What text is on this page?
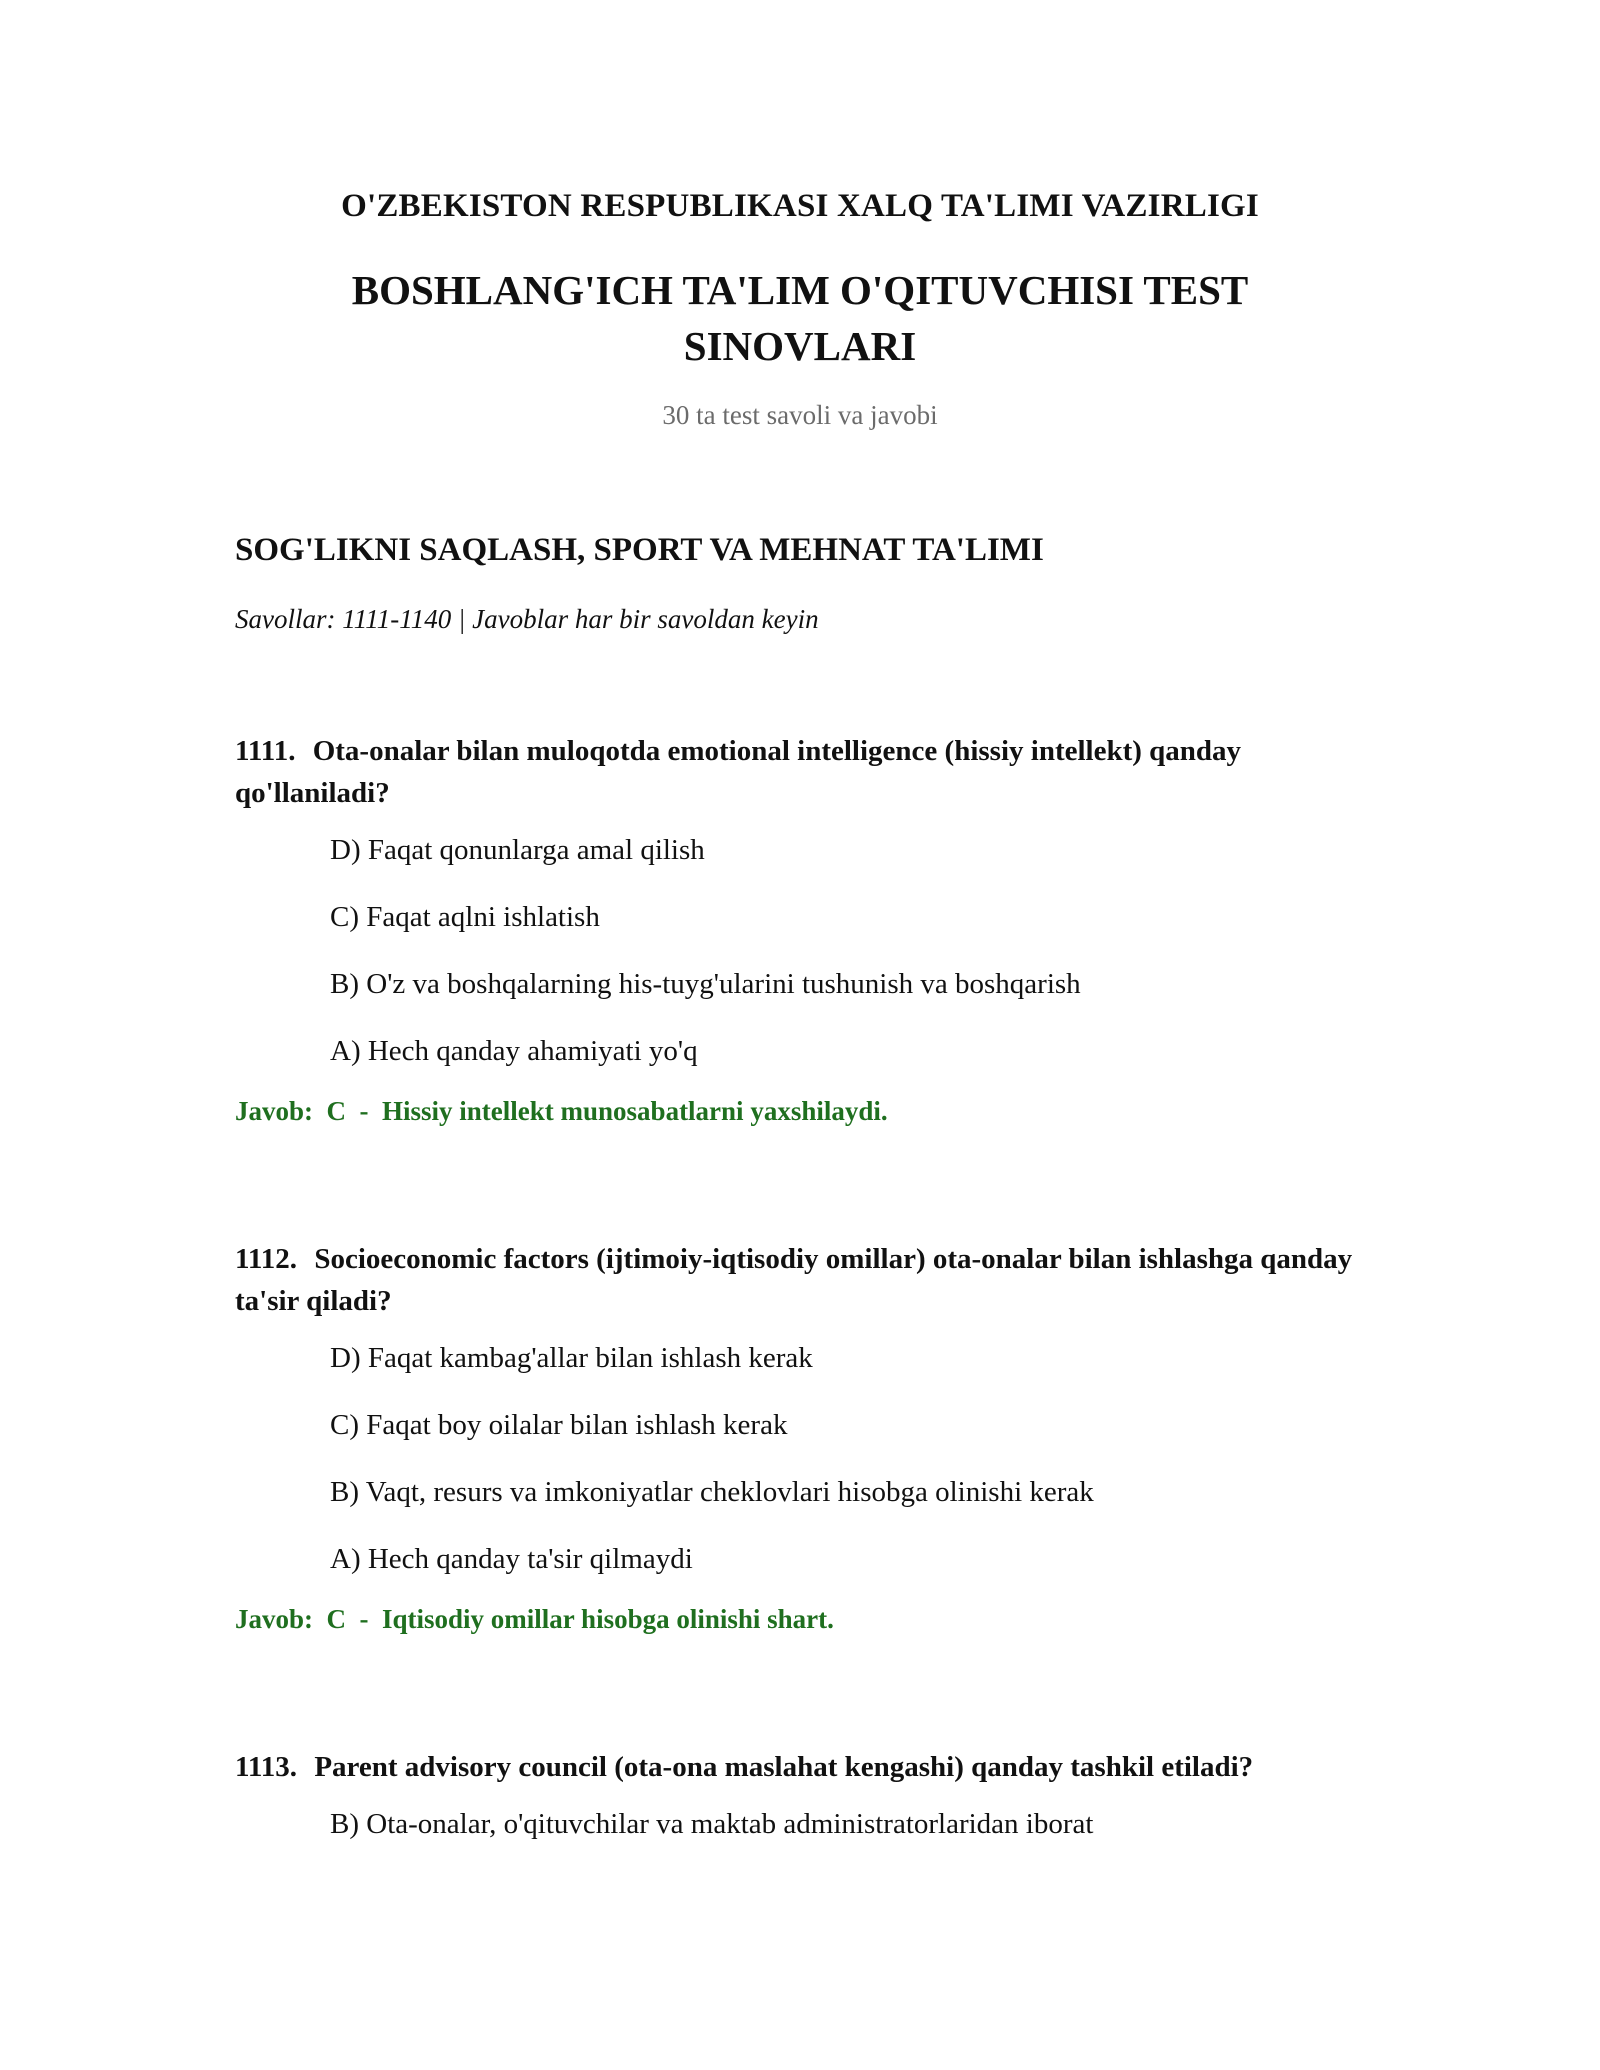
O'ZBEKISTON RESPUBLIKASI XALQ TA'LIMI VAZIRLIGI
BOSHLANG'ICH TA'LIM O'QITUVCHISI TEST SINOVLARI
30 ta test savoli va javobi
SOG'LIKNI SAQLASH, SPORT VA MEHNAT TA'LIMI
Savollar: 1111-1140 | Javoblar har bir savoldan keyin

1111. Ota-onalar bilan muloqotda emotional intelligence (hissiy intellekt) qanday qo'llaniladi?

D) Faqat qonunlarga amal qilish
C) Faqat aqlni ishlatish
B) O'z va boshqalarning his-tuyg'ularini tushunish va boshqarish
A) Hech qanday ahamiyati yo'q
Javob: C - Hissiy intellekt munosabatlarni yaxshilaydi.

1112. Socioeconomic factors (ijtimoiy-iqtisodiy omillar) ota-onalar bilan ishlashga qanday ta'sir qiladi?

D) Faqat kambag'allar bilan ishlash kerak
C) Faqat boy oilalar bilan ishlash kerak
B) Vaqt, resurs va imkoniyatlar cheklovlari hisobga olinishi kerak
A) Hech qanday ta'sir qilmaydi
Javob: C - Iqtisodiy omillar hisobga olinishi shart.

1113. Parent advisory council (ota-ona maslahat kengashi) qanday tashkil etiladi?

B) Ota-onalar, o'qituvchilar va maktab administratorlaridan iborat
